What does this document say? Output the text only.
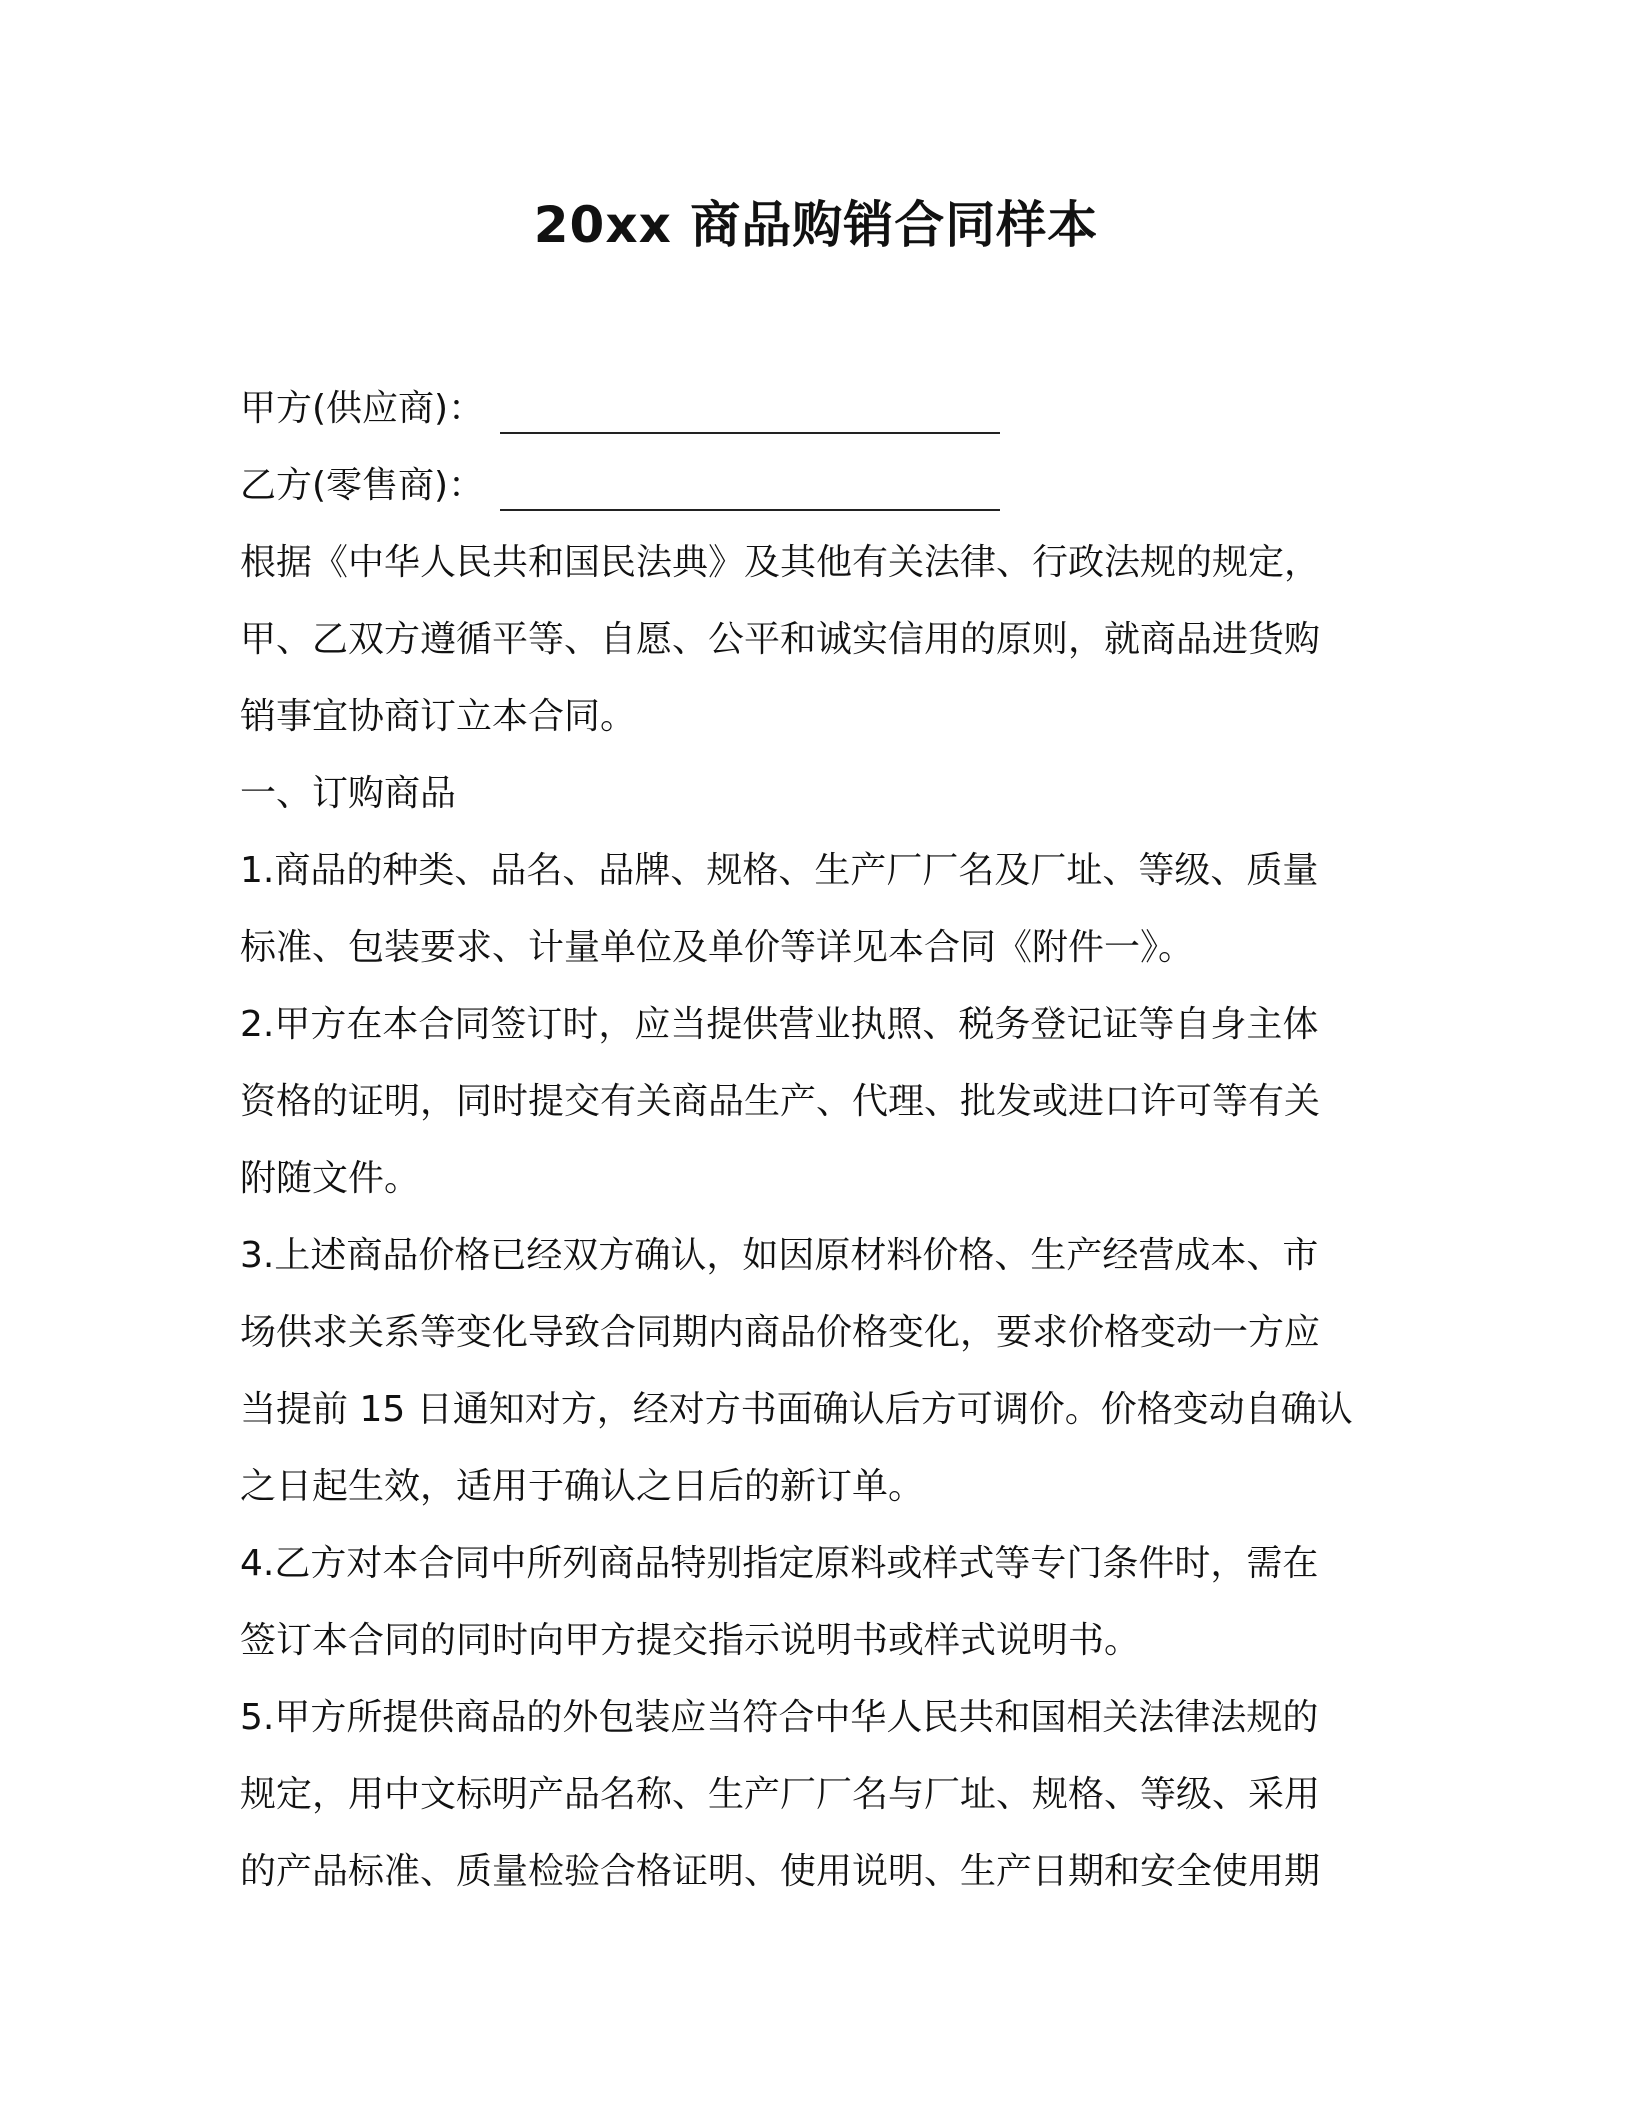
20xx 商品购销合同样本
甲方(供应商)：
乙方(零售商)：
根据《中华人民共和国民法典》及其他有关法律、行政法规的规定，
甲、乙双方遵循平等、自愿、公平和诚实信用的原则，就商品进货购
销事宜协商订立本合同。
一、订购商品
1.商品的种类、品名、品牌、规格、生产厂厂名及厂址、等级、质量
标准、包装要求、计量单位及单价等详见本合同《附件一》。
2.甲方在本合同签订时，应当提供营业执照、税务登记证等自身主体
资格的证明，同时提交有关商品生产、代理、批发或进口许可等有关
附随文件。
3.上述商品价格已经双方确认，如因原材料价格、生产经营成本、市
场供求关系等变化导致合同期内商品价格变化，要求价格变动一方应
当提前 15 日通知对方，经对方书面确认后方可调价。价格变动自确认
之日起生效，适用于确认之日后的新订单。
4.乙方对本合同中所列商品特别指定原料或样式等专门条件时，需在
签订本合同的同时向甲方提交指示说明书或样式说明书。
5.甲方所提供商品的外包装应当符合中华人民共和国相关法律法规的
规定，用中文标明产品名称、生产厂厂名与厂址、规格、等级、采用
的产品标准、质量检验合格证明、使用说明、生产日期和安全使用期
